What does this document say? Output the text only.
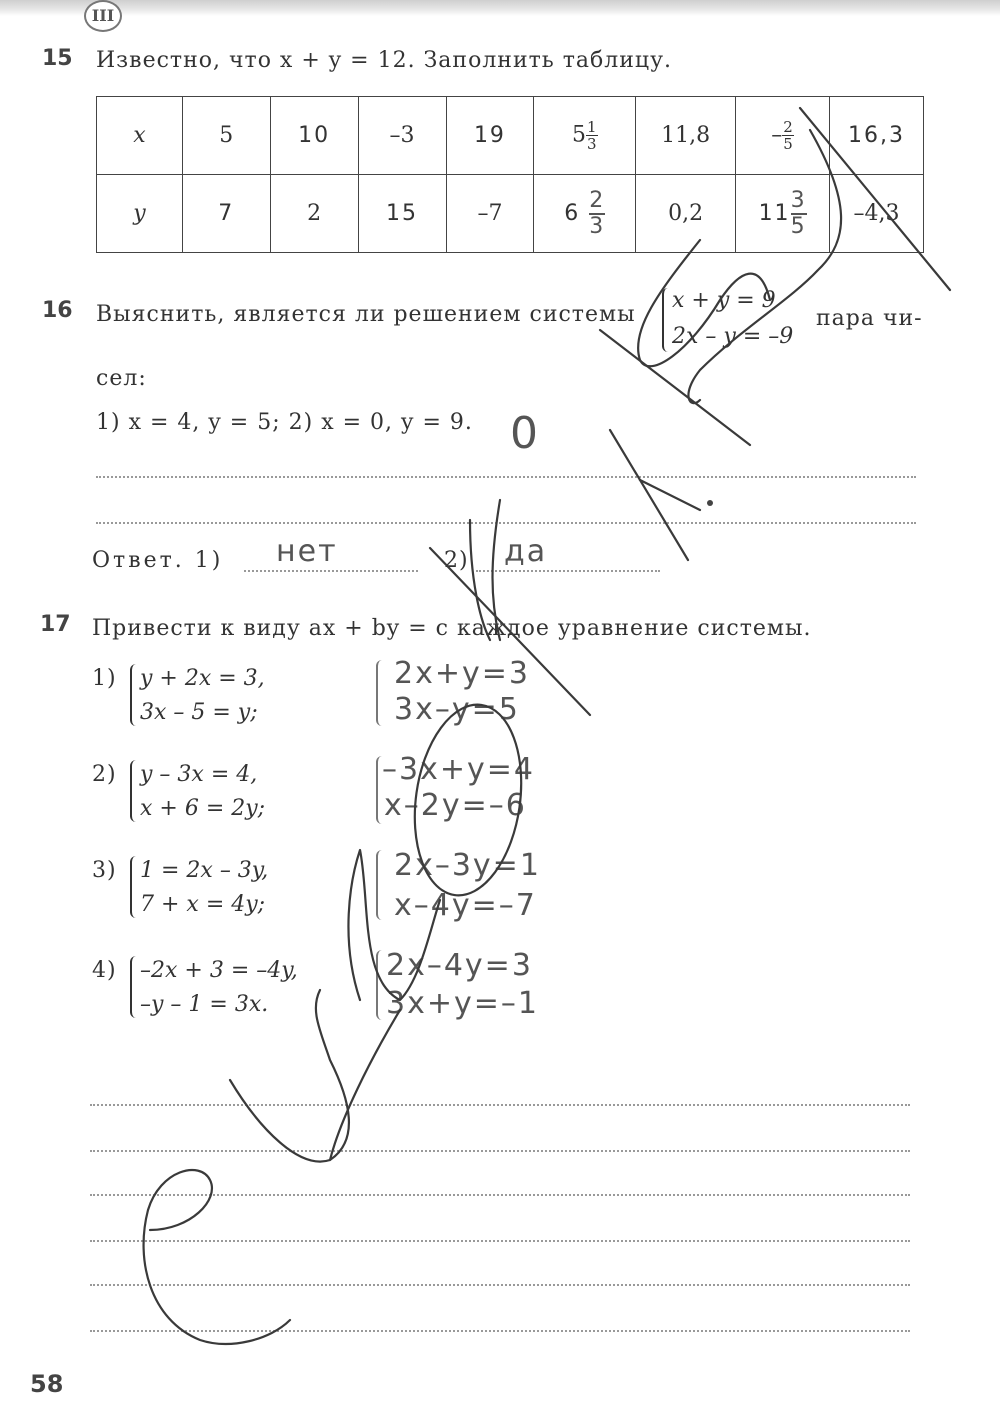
III
15 Известно, что x + y = 12. Заполнить таблицу.
x	5	10	–3	19	$5 \frac{1}{3}$	11,8	– $\frac{2}{5}$	16,3
y	7	2	15	–7	$6 \frac{2}{3}$	0,2	$11 \frac{3}{5}$	–4,3
16 Выяснить, является ли решением системы
x + y = 9
2x – y = –9
пара чи-
сел:
1) x = 4, y = 5; 2) x = 0, y = 9. 0
Ответ. 1) нет	2) да
17 Привести к виду ax + by = c каждое уравнение системы.
1) y + 2x = 3,
3x – 5 = y;
2x+y=3
3x–y=5
2) y – 3x = 4,
x + 6 = 2y;
–3x+y=4
x–2y=–6
3) 1 = 2x – 3y,
7 + x = 4y;
2x–3y=1
x–4y=–7
4) –2x + 3 = –4y,
–y – 1 = 3x.
2x–4y=3
3x+y=–1
58
